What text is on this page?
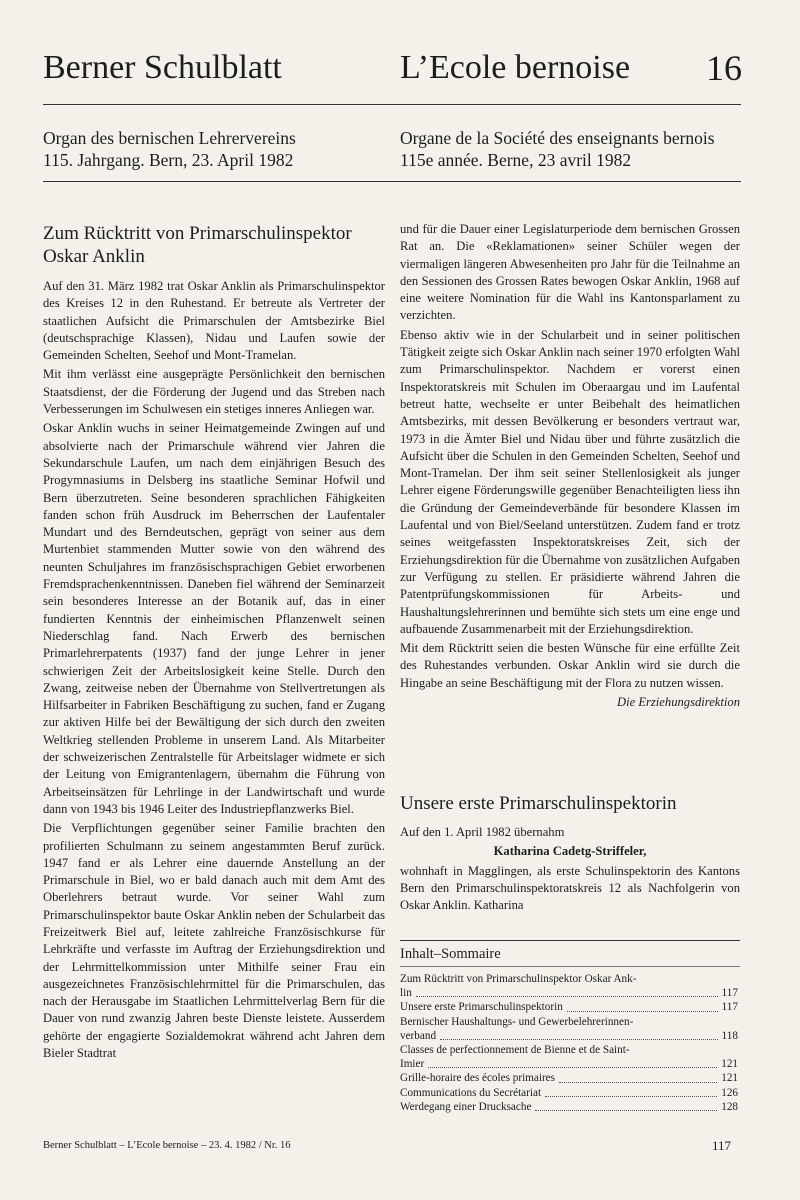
Berner Schulblatt	L’Ecole bernoise 16
Organ des bernischen Lehrervereins
115. Jahrgang. Bern, 23. April 1982
Organe de la Société des enseignants bernois
115e année. Berne, 23 avril 1982
Zum Rücktritt von Primarschulinspektor
Oskar Anklin

Auf den 31. März 1982 trat Oskar Anklin als Primarschulinspektor des Kreises 12 in den Ruhestand. Er betreute als Vertreter der staatlichen Aufsicht die Primarschulen der Amtsbezirke Biel (deutschsprachige Klassen), Nidau und Laufen sowie der Gemeinden Schelten, Seehof und Mont-Tramelan.

Mit ihm verlässt eine ausgeprägte Persönlichkeit den bernischen Staatsdienst, der die Förderung der Jugend und das Streben nach Verbesserungen im Schulwesen ein stetiges inneres Anliegen war.

Oskar Anklin wuchs in seiner Heimatgemeinde Zwingen auf und absolvierte nach der Primarschule während vier Jahren die Sekundarschule Laufen, um nach dem einjährigen Besuch des Progymnasiums in Delsberg ins staatliche Seminar Hofwil und Bern überzutreten. Seine besonderen sprachlichen Fähigkeiten fanden schon früh Ausdruck im Beherrschen der Laufentaler Mundart und des Berndeutschen, geprägt von seiner aus dem Murtenbiet stammenden Mutter sowie von den während des neunten Schuljahres im französischsprachigen Gebiet erworbenen Fremdsprachenkenntnissen. Daneben fiel während der Seminarzeit sein besonderes Interesse an der Botanik auf, das in einer fundierten Kenntnis der einheimischen Pflanzenwelt seinen Niederschlag fand. Nach Erwerb des bernischen Primarlehrerpatents (1937) fand der junge Lehrer in jener schwierigen Zeit der Arbeitslosigkeit keine Stelle. Durch den Zwang, zeitweise neben der Übernahme von Stellvertretungen als Hilfsarbeiter in Fabriken Beschäftigung zu suchen, fand er Zugang zur aktiven Hilfe bei der Bewältigung der sich durch den zweiten Weltkrieg stellenden Probleme in unserem Land. Als Mitarbeiter der schweizerischen Zentralstelle für Arbeitslager widmete er sich der Leitung von Emigrantenlagern, übernahm die Führung von Arbeitseinsätzen für Lehrlinge in der Landwirtschaft und wurde dann von 1943 bis 1946 Leiter des Industriepflanzwerks Biel.

Die Verpflichtungen gegenüber seiner Familie brachten den profilierten Schulmann zu seinem angestammten Beruf zurück. 1947 fand er als Lehrer eine dauernde Anstellung an der Primarschule in Biel, wo er bald danach auch mit dem Amt des Oberlehrers betraut wurde. Vor seiner Wahl zum Primarschulinspektor baute Oskar Anklin neben der Schularbeit das Freizeitwerk Biel auf, leitete zahlreiche Französischkurse für Lehrkräfte und verfasste im Auftrag der Erziehungsdirektion und der Lehrmittelkommission unter Mithilfe seiner Frau ein ausgezeichnetes Französischlehrmittel für die Primarschulen, das nach der Herausgabe im Staatlichen Lehrmittelverlag Bern für die Dauer von rund zwanzig Jahren beste Dienste leistete. Ausserdem gehörte der engagierte Sozialdemokrat während acht Jahren dem Bieler Stadtrat

und für die Dauer einer Legislaturperiode dem bernischen Grossen Rat an. Die «Reklamationen» seiner Schüler wegen der viermaligen längeren Abwesenheiten pro Jahr für die Teilnahme an den Sessionen des Grossen Rates bewogen Oskar Anklin, 1968 auf eine weitere Nomination für die Wahl ins Kantonsparlament zu verzichten.

Ebenso aktiv wie in der Schularbeit und in seiner politischen Tätigkeit zeigte sich Oskar Anklin nach seiner 1970 erfolgten Wahl zum Primarschulinspektor. Nachdem er vorerst einen Inspektoratskreis mit Schulen im Oberaargau und im Laufental betreut hatte, wechselte er unter Beibehalt des heimatlichen Amtsbezirks, mit dessen Bevölkerung er besonders vertraut war, 1973 in die Ämter Biel und Nidau über und führte zusätzlich die Aufsicht über die Schulen in den Gemeinden Schelten, Seehof und Mont-Tramelan. Der ihm seit seiner Stellenlosigkeit als junger Lehrer eigene Förderungswille gegenüber Benachteiligten liess ihn die Gründung der Gemeindeverbände für besondere Klassen im Laufental und von Biel/Seeland unterstützen. Zudem fand er trotz seines weitgefassten Inspektoratskreises Zeit, sich der Erziehungsdirektion für die Übernahme von zusätzlichen Aufgaben zur Verfügung zu stellen. Er präsidierte während Jahren die Patentprüfungskommissionen für Arbeits- und Haushaltungslehrerinnen und bemühte sich stets um eine enge und aufbauende Zusammenarbeit mit der Erziehungsdirektion.

Mit dem Rücktritt seien die besten Wünsche für eine erfüllte Zeit des Ruhestandes verbunden. Oskar Anklin wird sie durch die Hingabe an seine Beschäftigung mit der Flora zu nutzen wissen.

Die Erziehungsdirektion
Unsere erste Primarschulinspektorin

Auf den 1. April 1982 übernahm

Katharina Cadetg-Striffeler,

wohnhaft in Magglingen, als erste Schulinspektorin des Kantons Bern den Primarschulinspektoratskreis 12 als Nachfolgerin von Oskar Anklin. Katharina

Inhalt–Sommaire
Zum Rücktritt von Primarschulinspektor Oskar Ank-
lin	117
Unsere erste Primarschulinspektorin	117
Bernischer Haushaltungs- und Gewerbelehrerinnen-
verband	118
Classes de perfectionnement de Bienne et de Saint-
Imier	121
Grille-horaire des écoles primaires	121
Communications du Secrétariat	126
Werdegang einer Drucksache	128
Berner Schulblatt – L’Ecole bernoise – 23. 4. 1982 / Nr. 16	117
